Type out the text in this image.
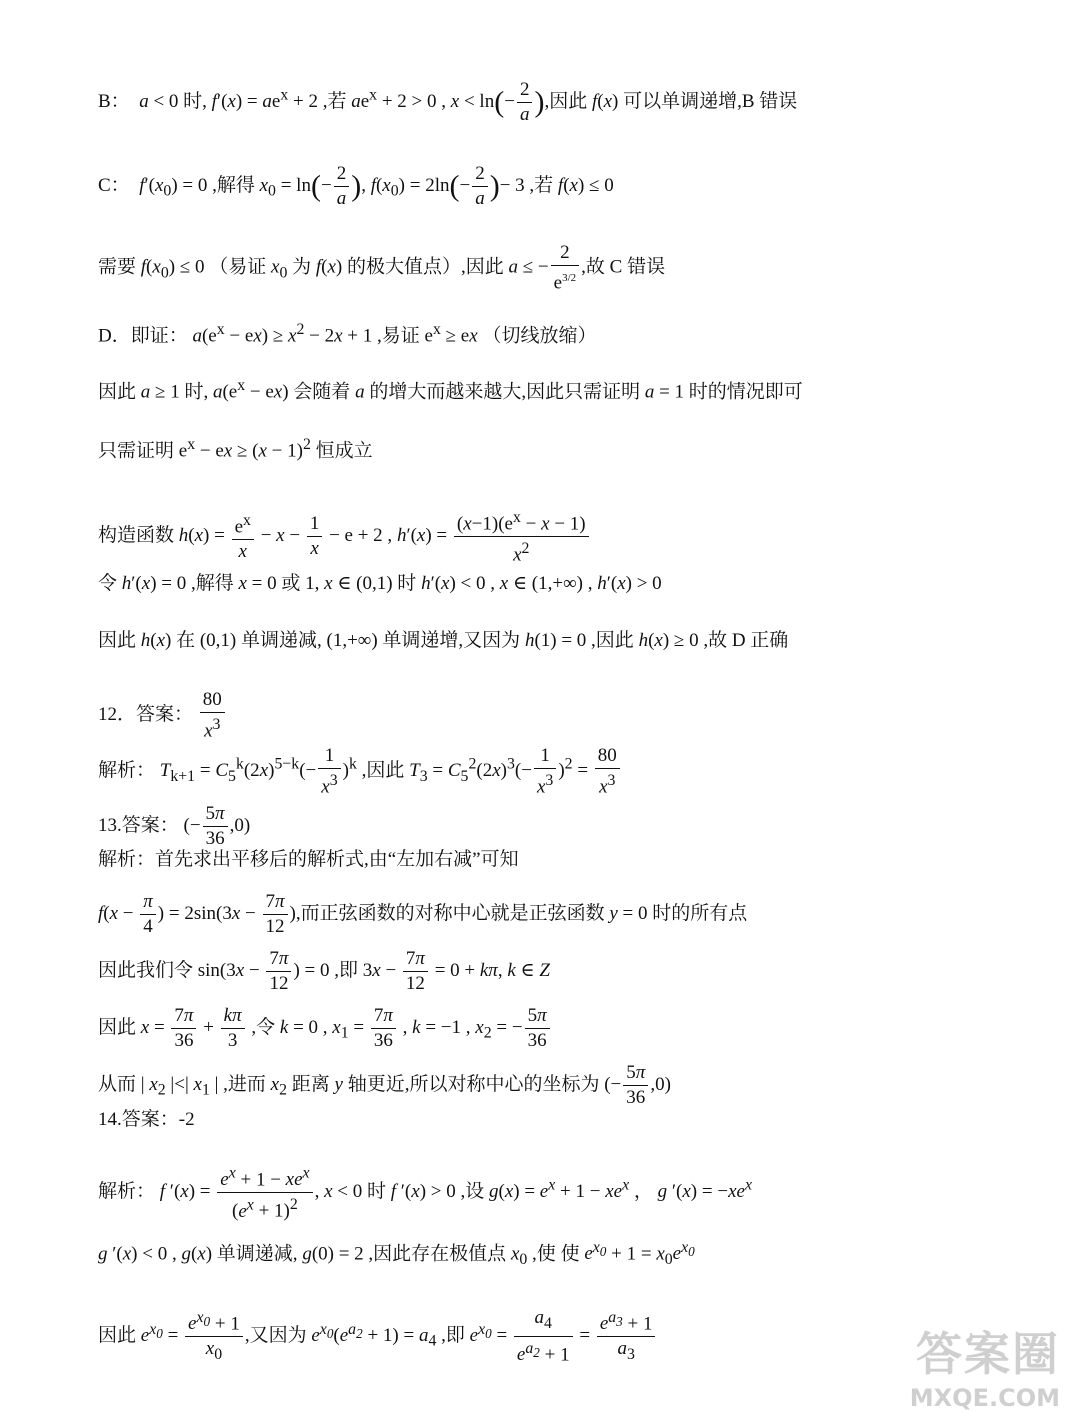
B：  a < 0 时, $f'(x) = ae^x + 2$ ,若 $ae^x + 2 > 0$ , $x < \ln(- \frac{2}{a}$ ),因此 f(x) 可以单调递增,B 错误
C：  $f'(x_0) = 0$ ,解得 $x_0 = \ln(- \frac{2}{a}$ ), $f(x_0) = 2\ln(- \frac{2}{a}$ )− 3 ,若 f(x) ≤ 0
需要 $f(x_0) \le 0$ （易证 $x_0$ 为 f(x) 的极大值点）,因此 a ≤ − $\frac{2}{e^{3/2}}$ ,故 C 错误
D．即证： $a(e^x - ex) \ge x^2 - 2x + 1$ ,易证 $e^x$ ≥ ex （切线放缩）
因此 a ≥ 1 时, $a(e^x - ex)$ 会随着 a 的增大而越来越大,因此只需证明 a = 1 时的情况即可
只需证明 $e^x$ − ex ≥ $(x - 1)^2$ 恒成立
构造函数 $h(x) = \frac{e^x}{x} - x - \frac{1}{x} - e + 2$ , $h'(x) = \frac{(x-1)(e^x - x - 1)}{x^2}$
令 h′(x) = 0 ,解得 x = 0 或 1, x ∈ (0,1) 时 h′(x) < 0 , x ∈ (1,+∞) , h′(x) > 0
因此 h(x) 在 (0,1) 单调递减, (1,+∞) 单调递增,又因为 h(1) = 0 ,因此 h(x) ≥ 0 ,故 D 正确
12．答案： $\frac{80}{x^3}$
解析： $T_{k+1} = C_5^k(2x)^{5-k}(- \frac{1}{x^3} )^k$ ,因此 $T_3 = C_5^2(2x)^3(- \frac{1}{x^3} )^2 = \frac{80}{x^3}$
13.答案： (− $\frac{5\pi}{36} ,0$)
解析：首先求出平移后的解析式,由“左加右减”可知
$f(x - \frac{\pi}{4}$ ) = $2\sin(3x - \frac{7\pi}{12}$ ),而正弦函数的对称中心就是正弦函数 y = 0 时的所有点
因此我们令 $\sin(3x - \frac{7\pi}{12}$ ) = 0 ,即 $3x - \frac{7\pi}{12} = 0 + k\pi$, k ∈ Z
因此 $x = \frac{7\pi}{36} + \frac{k\pi}{3}$ ,令 k = 0 , $x_1 = \frac{7\pi}{36}$ , k = −1 , $x_2$ = − $\frac{5\pi}{36}$
从而 | $x_2$ |<| $x_1$ | ,进而 $x_2$ 距离 y 轴更近,所以对称中心的坐标为 (− $\frac{5\pi}{36} ,0$)
14.答案：-2
解析： f ′(x) =
$e^x + 1 - xe^x$
$(e^x + 1)^2$
, x < 0 时 f ′(x) > 0 ,设 $g(x) = e^x + 1 - xe^x$ ， g $'(x) = -xe^x$
g ′(x) < 0 , g(x) 单调递减, g(0) = 2 ,因此存在极值点 $x_0$ ,使 使 $e^{x_0} + 1 = x_0e^{x_0}$
因此 $e^{x_0} = \frac{e^{x_0} + 1}{x_0}$ ,又因为 $e^{x_0}(e^{a_2} + 1) = a_4$ ,即 $e^{x_0} = \frac{a_4}{e^{a_2} + 1} = \frac{e^{a_3} + 1}{a_3}$	答案圈
MXQE.COM
